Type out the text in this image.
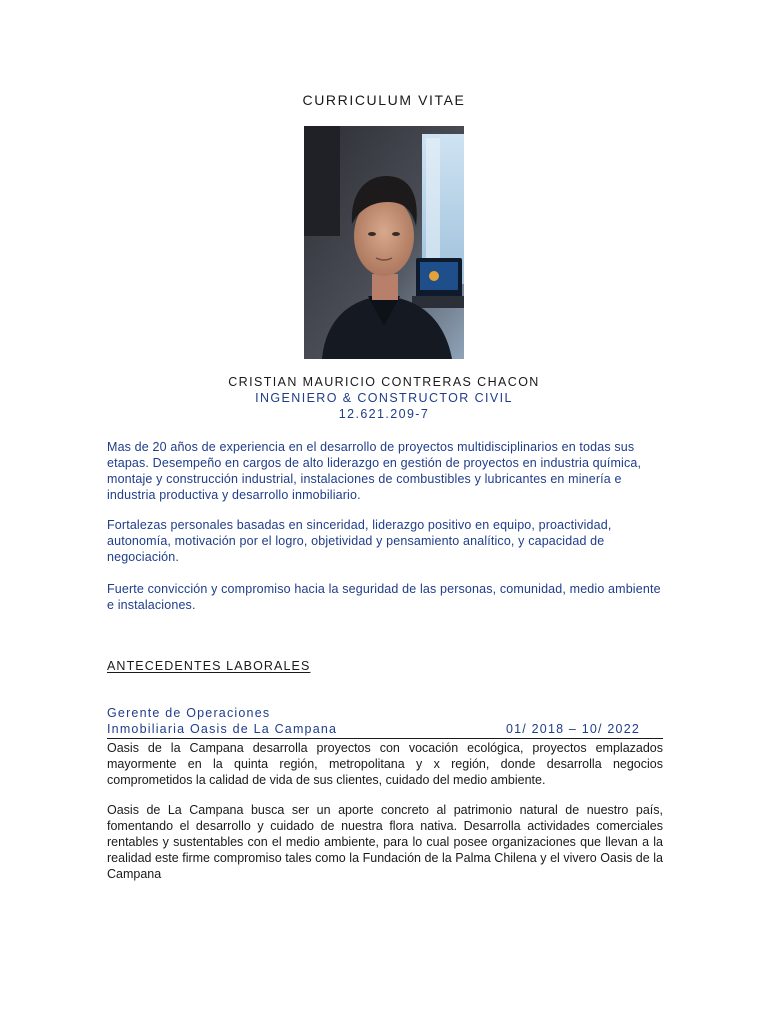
CURRICULUM VITAE
CRISTIAN MAURICIO CONTRERAS CHACON
INGENIERO & CONSTRUCTOR CIVIL
12.621.209-7
Mas de 20 años de experiencia en el desarrollo de proyectos multidisciplinarios en todas sus etapas. Desempeño en cargos de alto liderazgo en gestión de proyectos en industria química, montaje y construcción industrial, instalaciones de combustibles y lubricantes en minería e industria productiva y desarrollo inmobiliario.
Fortalezas personales basadas en sinceridad, liderazgo positivo en equipo, proactividad, autonomía, motivación por el logro, objetividad y pensamiento analítico, y capacidad de negociación.
Fuerte convicción y compromiso hacia la seguridad de las personas, comunidad, medio ambiente e instalaciones.
ANTECEDENTES LABORALES
Gerente de Operaciones
Inmobiliaria Oasis de La Campana	01/ 2018 – 10/ 2022
Oasis de la Campana desarrolla proyectos con vocación ecológica, proyectos emplazados mayormente en la quinta región, metropolitana y x región, donde desarrolla negocios comprometidos la calidad de vida de sus clientes, cuidado del medio ambiente.
Oasis de La Campana busca ser un aporte concreto al patrimonio natural de nuestro país, fomentando el desarrollo y cuidado de nuestra flora nativa. Desarrolla actividades comerciales rentables y sustentables con el medio ambiente, para lo cual posee organizaciones que llevan a la realidad este firme compromiso tales como la Fundación de la Palma Chilena y el vivero Oasis de la Campana
